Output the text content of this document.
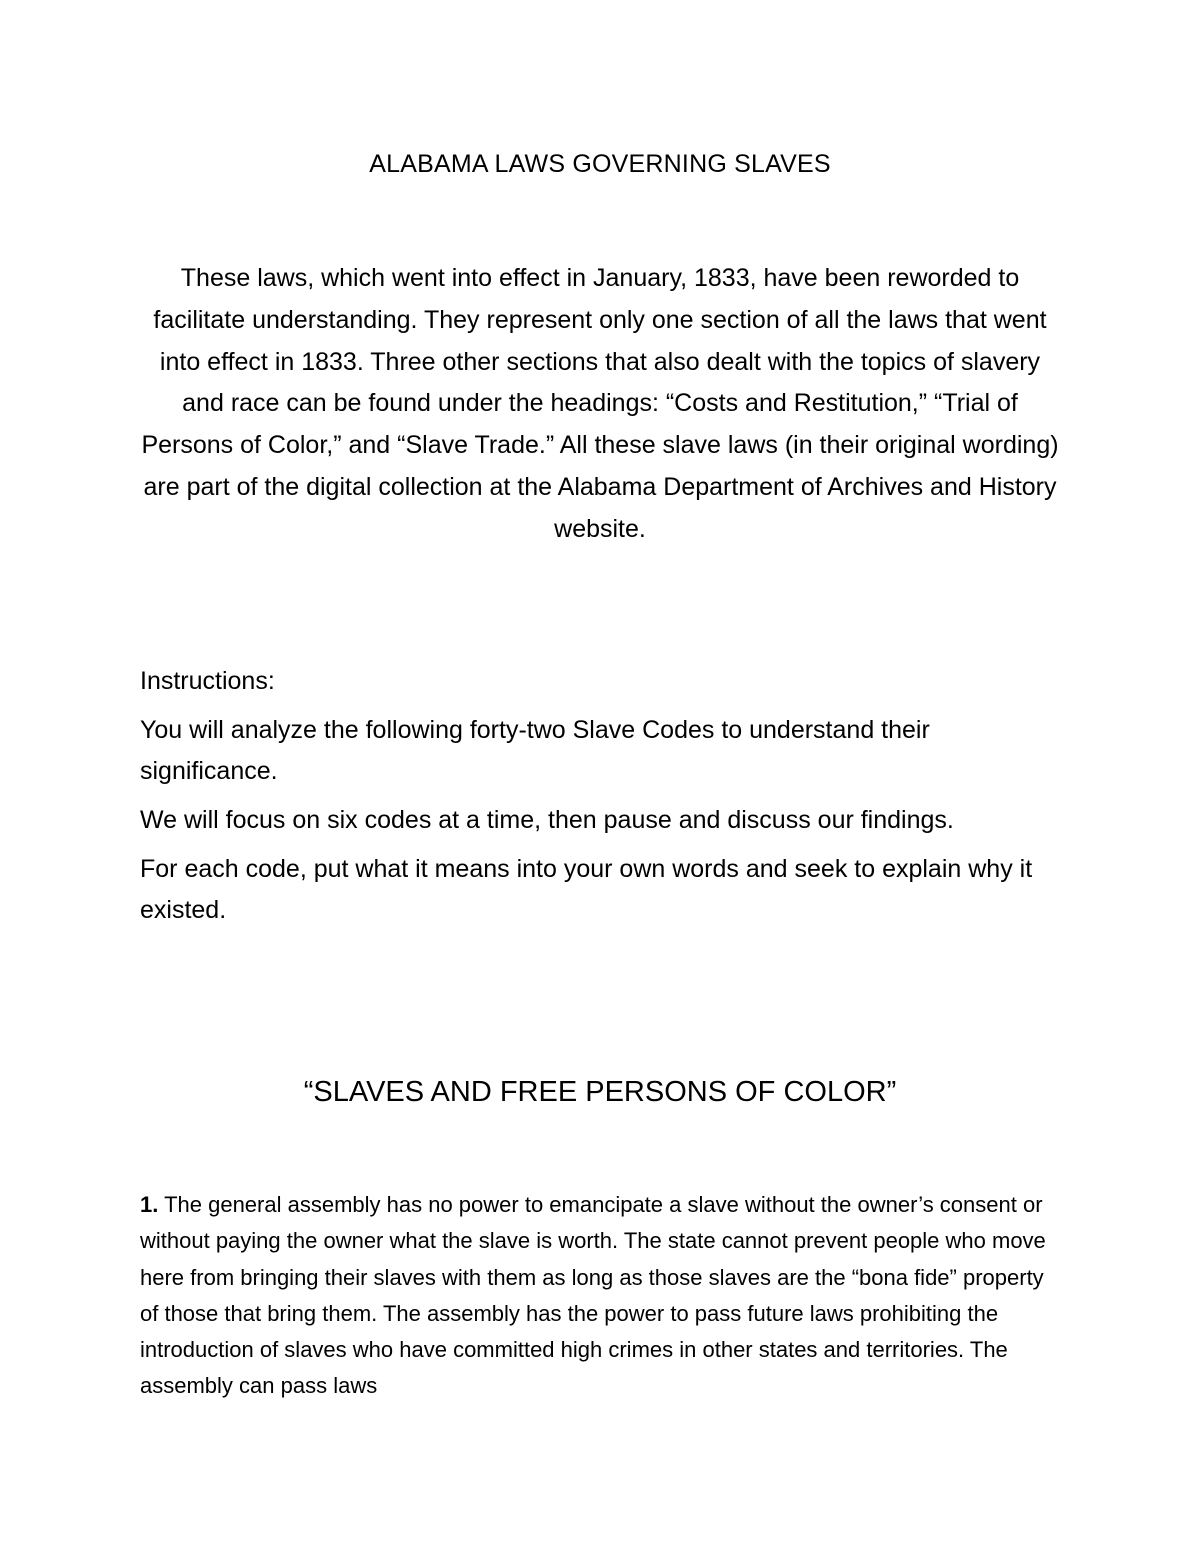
ALABAMA LAWS GOVERNING SLAVES

These laws, which went into effect in January, 1833, have been reworded to facilitate understanding. They represent only one section of all the laws that went into effect in 1833. Three other sections that also dealt with the topics of slavery and race can be found under the headings: “Costs and Restitution,” “Trial of Persons of Color,” and “Slave Trade.” All these slave laws (in their original wording) are part of the digital collection at the Alabama Department of Archives and History website.

Instructions:

You will analyze the following forty-two Slave Codes to understand their significance.

We will focus on six codes at a time, then pause and discuss our findings.

For each code, put what it means into your own words and seek to explain why it existed.

“SLAVES AND FREE PERSONS OF COLOR”

1. The general assembly has no power to emancipate a slave without the owner’s consent or without paying the owner what the slave is worth. The state cannot prevent people who move here from bringing their slaves with them as long as those slaves are the “bona fide” property of those that bring them. The assembly has the power to pass future laws prohibiting the introduction of slaves who have committed high crimes in other states and territories. The assembly can pass laws
